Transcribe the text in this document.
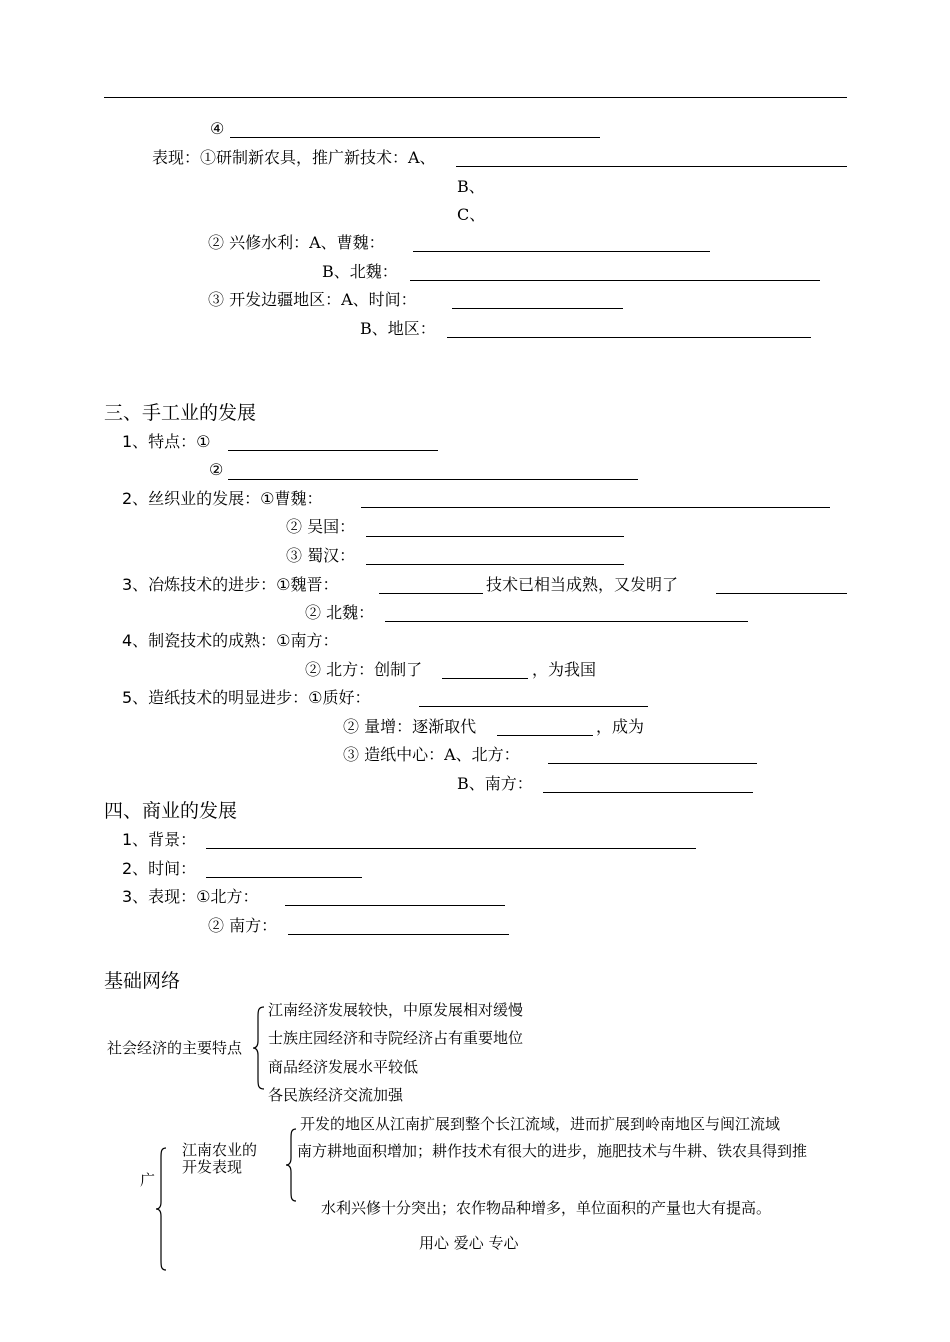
④
表现：①研制新农具，推广新技术：A、
B、
C、
② 兴修水利：A、曹魏：
B、北魏：
③ 开发边疆地区：A、时间：
B、地区：
三、手工业的发展
1、特点：①
②
2、丝织业的发展：①曹魏：
② 吴国：
③ 蜀汉：
3、冶炼技术的进步：①魏晋：	技术已相当成熟，又发明了
② 北魏：
4、制瓷技术的成熟：①南方：
② 北方：创制了	，为我国
5、造纸技术的明显进步：①质好：
② 量增：逐渐取代	，成为
③ 造纸中心：A、北方：
B、南方：
四、商业的发展
1、背景：
2、时间：
3、表现：①北方：
② 南方：
基础网络
社会经济的主要特点
江南经济发展较快，中原发展相对缓慢
士族庄园经济和寺院经济占有重要地位
商品经济发展水平较低
各民族经济交流加强
广
江南农业的
开发表现
开发的地区从江南扩展到整个长江流域，进而扩展到岭南地区与闽江流域
南方耕地面积增加；耕作技术有很大的进步，施肥技术与牛耕、铁农具得到推
水利兴修十分突出；农作物品种增多，单位面积的产量也大有提高。
用心 爱心 专心
